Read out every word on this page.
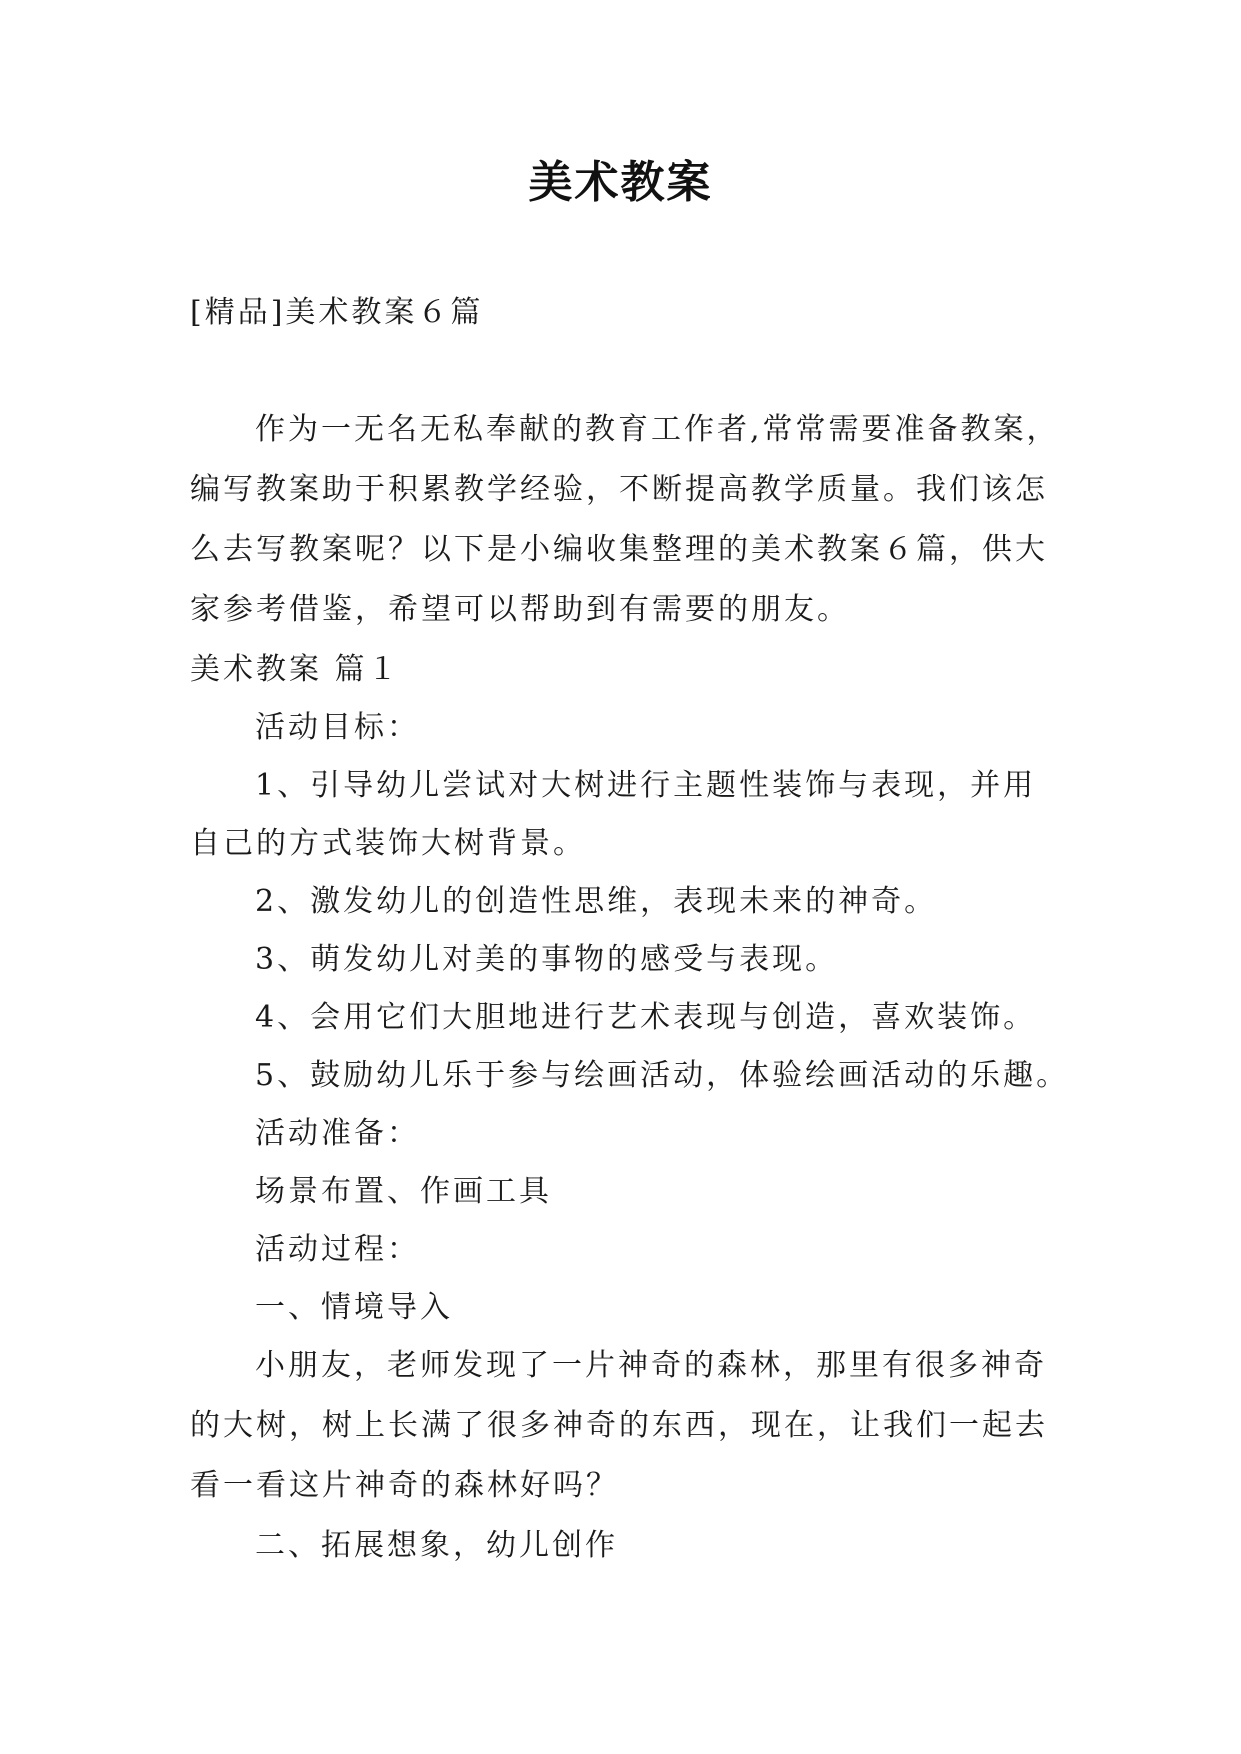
美术教案
[精品]美术教案６篇
作为一无名无私奉献的教育工作者,常常需要准备教案，
编写教案助于积累教学经验，不断提高教学质量。我们该怎
么去写教案呢？以下是小编收集整理的美术教案６篇，供大
家参考借鉴，希望可以帮助到有需要的朋友。
美术教案 篇１
活动目标：
1、引导幼儿尝试对大树进行主题性装饰与表现，并用
自己的方式装饰大树背景。
2、激发幼儿的创造性思维，表现未来的神奇。
3、萌发幼儿对美的事物的感受与表现。
4、会用它们大胆地进行艺术表现与创造，喜欢装饰。
5、鼓励幼儿乐于参与绘画活动，体验绘画活动的乐趣。
活动准备：
场景布置、作画工具
活动过程：
一、情境导入
小朋友，老师发现了一片神奇的森林，那里有很多神奇
的大树，树上长满了很多神奇的东西，现在，让我们一起去
看一看这片神奇的森林好吗？
二、拓展想象，幼儿创作
